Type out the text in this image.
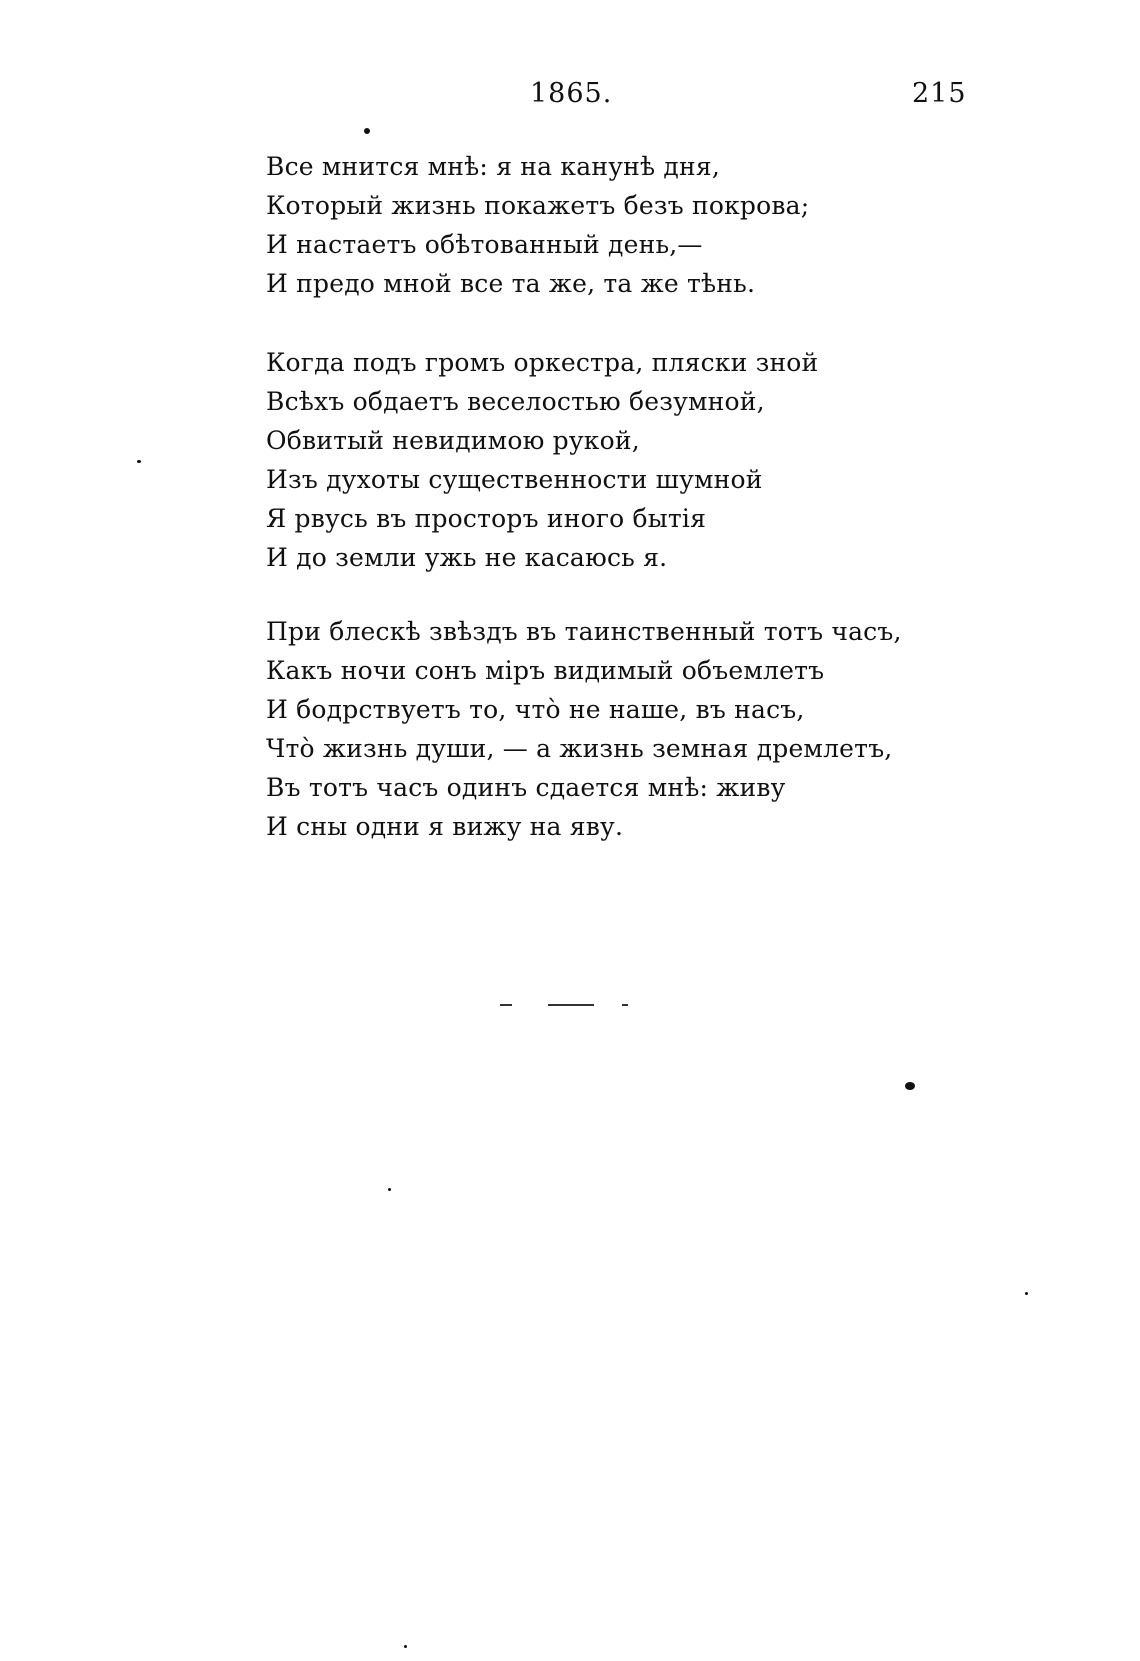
1865.	215
Все мнится мнѣ: я на канунѣ дня,
Который жизнь покажетъ безъ покрова;
И настаетъ обѣтованный день,—
И предо мной все та же, та же тѣнь.
Когда подъ громъ оркестра, пляски зной
Всѣхъ обдаетъ веселостью безумной,
Обвитый невидимою рукой,
Изъ духоты существенности шумной
Я рвусь въ просторъ иного бытія
И до земли ужь не касаюсь я.
При блескѣ звѣздъ въ таинственный тотъ часъ,
Какъ ночи сонъ міръ видимый объемлетъ
И бодрствуетъ то, чтò не наше, въ насъ,
Чтò жизнь души, — а жизнь земная дремлетъ,
Въ тотъ часъ одинъ сдается мнѣ: живу
И сны одни я вижу на яву.
